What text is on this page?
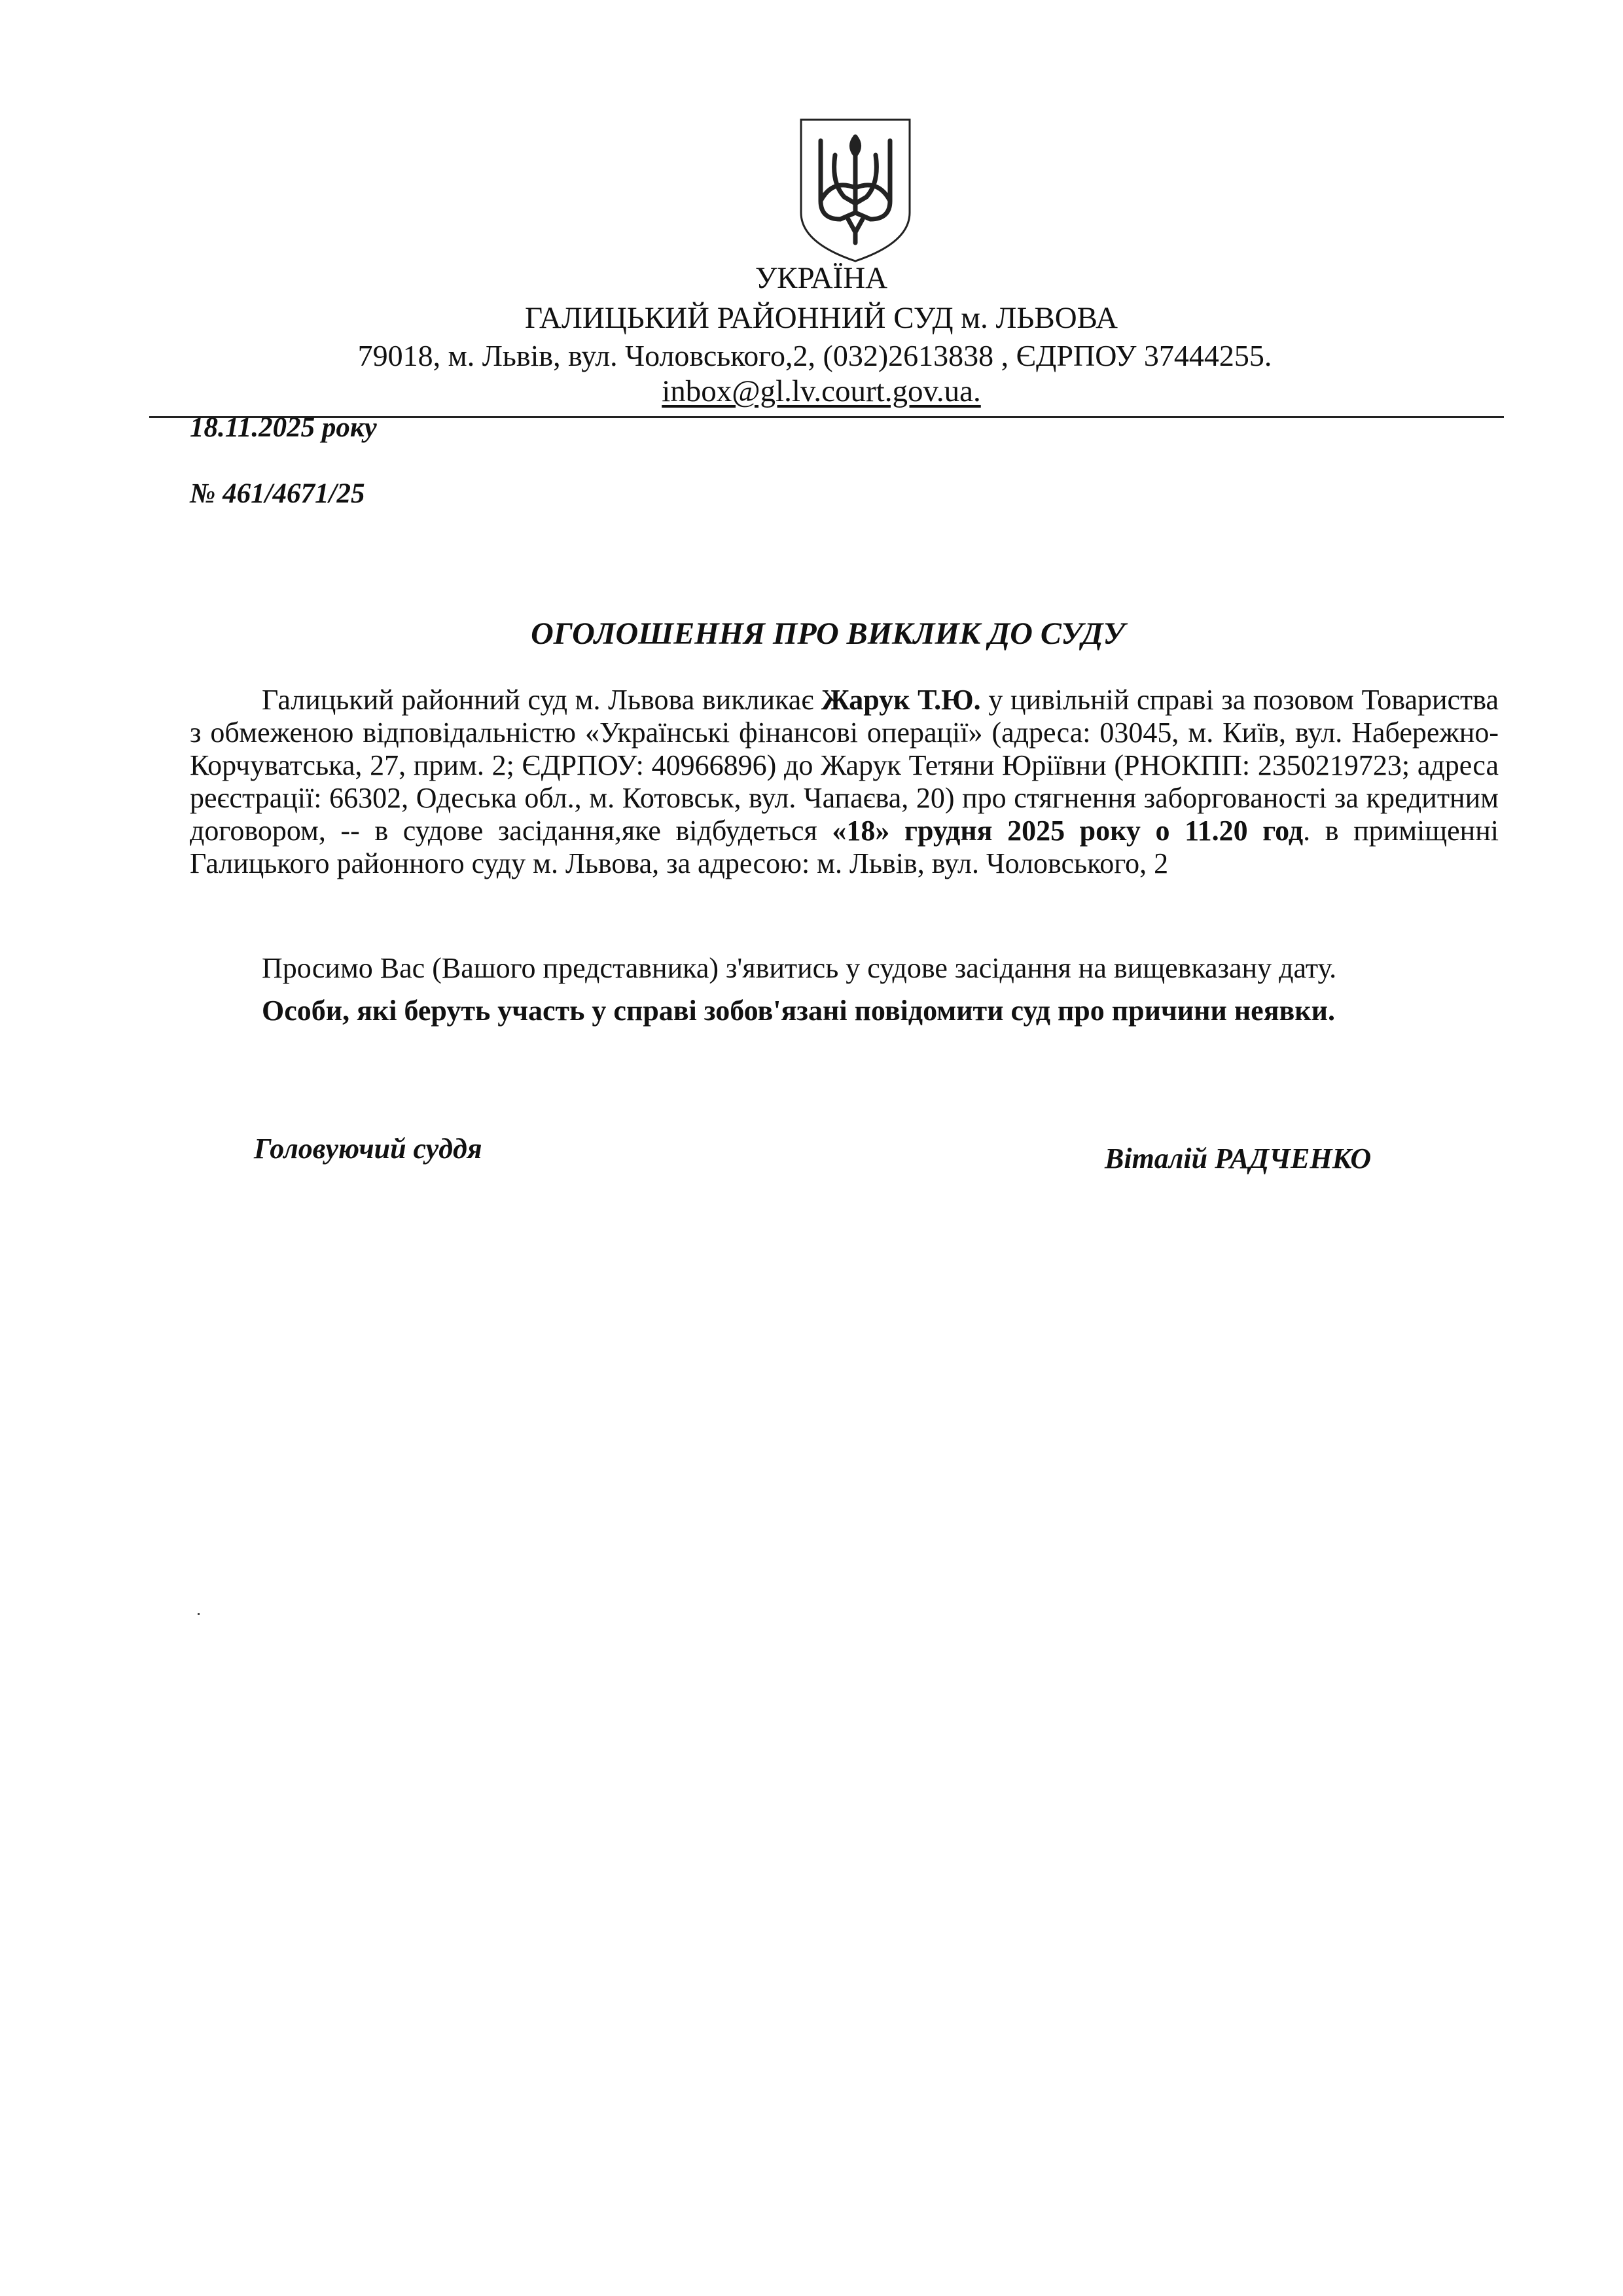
УКРАЇНА
ГАЛИЦЬКИЙ РАЙОННИЙ СУД м. ЛЬВОВА
79018, м. Львів, вул. Чоловського,2, (032)2613838 , ЄДРПОУ 37444255.
inbox@gl.lv.court.gov.ua.
18.11.2025 року
№ 461/4671/25
ОГОЛОШЕННЯ ПРО ВИКЛИК ДО СУДУ
Галицький районний суд м. Львова викликає Жарук Т.Ю. у цивільній справі за позовом Товариства з обмеженою відповідальністю «Українські фінансові операції» (адреса: 03045, м. Київ, вул. Набережно-Корчуватська, 27, прим. 2; ЄДРПОУ: 40966896) до Жарук Тетяни Юріївни (РНОКПП: 2350219723; адреса реєстрації: 66302, Одеська обл., м. Котовськ, вул. Чапаєва, 20) про стягнення заборгованості за кредитним договором, -- в судове засідання,яке відбудеться «18» грудня 2025 року о 11.20 год. в приміщенні Галицького районного суду м. Львова, за адресою: м. Львів, вул. Чоловського, 2
Просимо Вас (Вашого представника) з'явитись у судове засідання на вищевказану дату.
Особи, які беруть участь у справі зобов'язані повідомити суд про причини неявки.
Головуючий суддя	Віталій РАДЧЕНКО
